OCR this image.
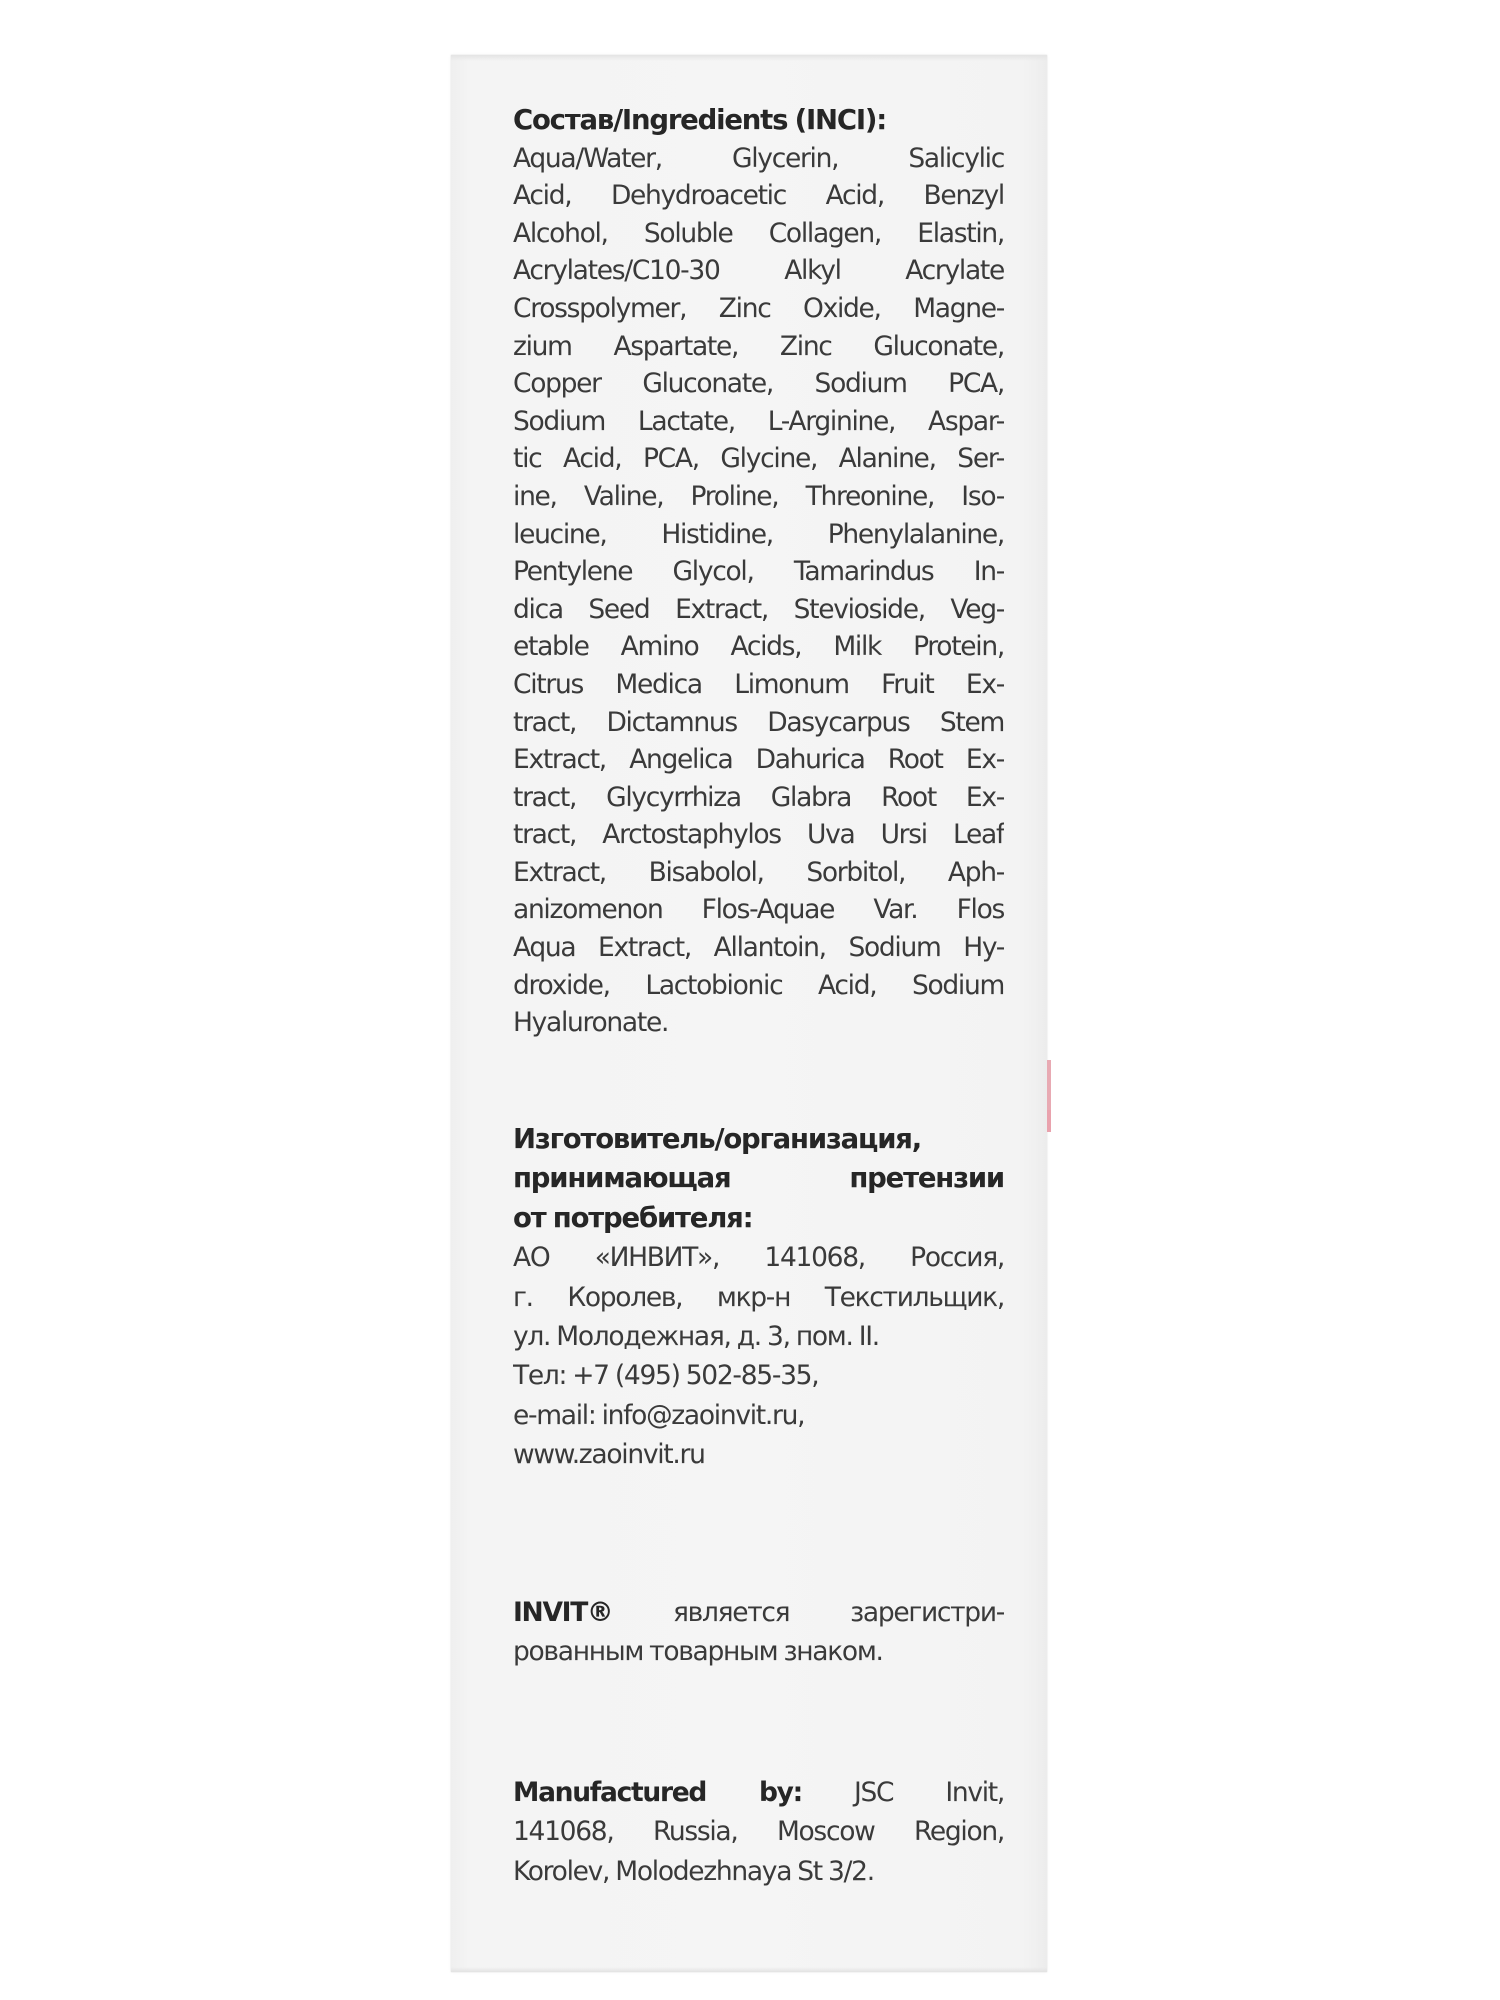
Состав/Ingredients (INCI):
Aqua/Water, Glycerin, Salicylic
Acid, Dehydroacetic Acid, Benzyl
Alcohol, Soluble Collagen, Elastin,
Acrylates/C10-30 Alkyl Acrylate
Crosspolymer, Zinc Oxide, Magne-
zium Aspartate, Zinc Gluconate,
Copper Gluconate, Sodium PCA,
Sodium Lactate, L-Arginine, Aspar-
tic Acid, PCA, Glycine, Alanine, Ser-
ine, Valine, Proline, Threonine, Iso-
leucine, Histidine, Phenylalanine,
Pentylene Glycol, Tamarindus In-
dica Seed Extract, Stevioside, Veg-
etable Amino Acids, Milk Protein,
Citrus Medica Limonum Fruit Ex-
tract, Dictamnus Dasycarpus Stem
Extract, Angelica Dahurica Root Ex-
tract, Glycyrrhiza Glabra Root Ex-
tract, Arctostaphylos Uva Ursi Leaf
Extract, Bisabolol, Sorbitol, Aph-
anizomenon Flos-Aquae Var. Flos
Aqua Extract, Allantoin, Sodium Hy-
droxide, Lactobionic Acid, Sodium
Hyaluronate.
Изготовитель/организация,
принимающая претензии
от потребителя:
АО «ИНВИТ», 141068, Россия,
г. Королев, мкр-н Текстильщик,
ул. Молодежная, д. 3, пом. II.
Тел: +7 (495) 502-85-35,
e-mail: info@zaoinvit.ru,
www.zaoinvit.ru
INVIT® является зарегистри-
рованным товарным знаком.
Manufactured by: JSC Invit,
141068, Russia, Moscow Region,
Korolev, Molodezhnaya St 3/2.
